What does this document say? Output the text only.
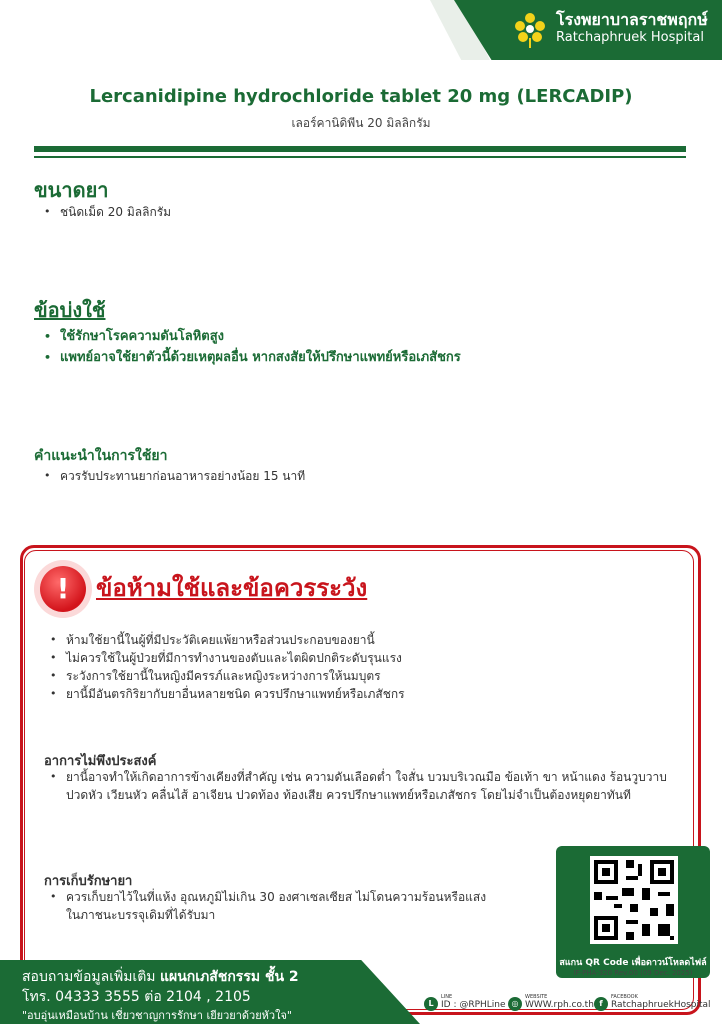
โรงพยาบาลราชพฤกษ์
Ratchaphruek Hospital
Lercanidipine hydrochloride tablet 20 mg (LERCADIP)
เลอร์คานิดิพีน 20 มิลลิกรัม
ขนาดยา
• ชนิดเม็ด 20 มิลลิกรัม
ข้อบ่งใช้
• ใช้รักษาโรคความดันโลหิตสูง
• แพทย์อาจใช้ยาตัวนี้ด้วยเหตุผลอื่น หากสงสัยให้ปรึกษาแพทย์หรือเภสัชกร
คำแนะนำในการใช้ยา
• ควรรับประทานยาก่อนอาหารอย่างน้อย 15 นาที
!	ข้อห้ามใช้และข้อควรระวัง
• ห้ามใช้ยานี้ในผู้ที่มีประวัติเคยแพ้ยาหรือส่วนประกอบของยานี้
• ไม่ควรใช้ในผู้ป่วยที่มีการทำงานของตับและไตผิดปกติระดับรุนแรง
• ระวังการใช้ยานี้ในหญิงมีครรภ์และหญิงระหว่างการให้นมบุตร
• ยานี้มีอันตรกิริยากับยาอื่นหลายชนิด ควรปรึกษาแพทย์หรือเภสัชกร
อาการไม่พึงประสงค์
• ยานี้อาจทำให้เกิดอาการข้างเคียงที่สำคัญ เช่น ความดันเลือดต่ำ ใจสั่น บวมบริเวณมือ ข้อเท้า ขา หน้าแดง ร้อนวูบวาบ ปวดหัว เวียนหัว คลื่นไส้ อาเจียน ปวดท้อง ท้องเสีย ควรปรึกษาแพทย์หรือเภสัชกร โดยไม่จำเป็นต้องหยุดยาทันที
การเก็บรักษายา
• ควรเก็บยาไว้ในที่แห้ง อุณหภูมิไม่เกิน 30 องศาเซลเซียส ไม่โดนความร้อนหรือแสง ในภาชนะบรรจุเดิมที่ได้รับมา
สแกน QR Code เพื่อดาวน์โหลดไฟล์
IF-PHA-320 Rev.00 (09 Dec. 2025)
สอบถามข้อมูลเพิ่มเติม แผนกเภสัชกรรม ชั้น 2
โทร. 04333 3555 ต่อ 2104 , 2105
"อบอุ่นเหมือนบ้าน เชี่ยวชาญการรักษา เยียวยาด้วยหัวใจ"
L
LINE
ID : @RPHLine ◎
WEBSITE
WWW.rph.co.th f
FACEBOOK
RatchaphruekHospital
